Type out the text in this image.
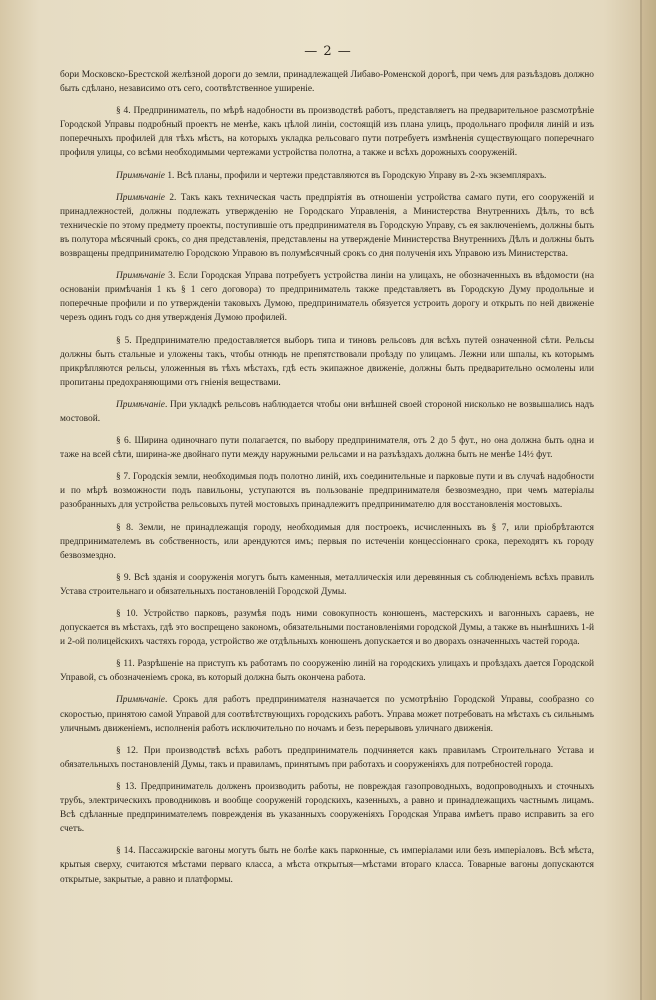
— 2 —

бори Московско-Брестской желѣзной дороги до земли, принадлежащей Либаво-Роменской дорогѣ, при чемъ для разъѣздовъ должно быть сдѣлано, независимо отъ сего, соотвѣтственное уширеніе.

§ 4. Предприниматель, по мѣрѣ надобности въ производствѣ работъ, представляетъ на предварительное разсмотрѣніе Городской Управы подробный проектъ не менѣе, какъ цѣлой линіи, состоящій изъ плана улицъ, продольнаго профиля линій и изъ поперечныхъ профилей для тѣхъ мѣстъ, на которыхъ укладка рельсоваго пути потребуетъ измѣненія существующаго поперечнаго профиля улицы, со всѣми необходимыми чертежами устройства полотна, а также и всѣхъ дорожныхъ сооруженій.

Примѣчаніе 1. Всѣ планы, профили и чертежи представляются въ Городскую Управу въ 2-хъ экземплярахъ.

Примѣчаніе 2. Такъ какъ техническая часть предпріятія въ отношеніи устройства самаго пути, его сооруженій и принадлежностей, должны подлежать утвержденію не Городскаго Управленія, а Министерства Внутреннихъ Дѣлъ, то всѣ техническіе по этому предмету проекты, поступившіе отъ предпринимателя въ Городскую Управу, съ ея заключеніемъ, должны быть въ полутора мѣсячный срокъ, со дня представленія, представлены на утвержденіе Министерства Внутреннихъ Дѣлъ и должны быть возвращены предпринимателю Городскою Управою въ полумѣсячный срокъ со дня полученія ихъ Управою изъ Министерства.

Примѣчаніе 3. Если Городская Управа потребуетъ устройства линіи на улицахъ, не обозначенныхъ въ вѣдомости (на основаніи примѣчанія 1 къ § 1 сего договора) то предприниматель также представляетъ въ Городскую Думу продольные и поперечные профили и по утвержденіи таковыхъ Думою, предприниматель обязуется устроить дорогу и открыть по ней движеніе черезъ одинъ годъ со дня утвержденія Думою профилей.

§ 5. Предпринимателю предоставляется выборъ типа и тиновъ рельсовъ для всѣхъ путей означенной сѣти. Рельсы должны быть стальные и уложены такъ, чтобы отнюдь не препятствовали проѣзду по улицамъ. Лежни или шпалы, къ которымъ прикрѣпляются рельсы, уложенныя въ тѣхъ мѣстахъ, гдѣ есть экипажное движеніе, должны быть предварительно осмолены или пропитаны предохраняющими отъ гніенія веществами.

Примѣчаніе. При укладкѣ рельсовъ наблюдается чтобы они внѣшней своей стороной нисколько не возвышались надъ мостовой.

§ 6. Ширина одиночнаго пути полагается, по выбору предпринимателя, отъ 2 до 5 фут., но она должна быть одна и таже на всей сѣти, ширина-же двойнаго пути между наружными рельсами и на разъѣздахъ должна быть не менѣе 14½ фут.

§ 7. Городскія земли, необходимыя подъ полотно линій, ихъ соединительные и парковые пути и въ случаѣ надобности и по мѣрѣ возможности подъ павильоны, уступаются въ пользованіе предпринимателя безвозмездно, при чемъ матеріалы разобранныхъ для устройства рельсовыхъ путей мостовыхъ принадлежитъ предпринимателю для восстановленія мостовыхъ.

§ 8. Земли, не принадлежащія городу, необходимыя для построекъ, исчисленныхъ въ § 7, или пріобрѣтаются предпринимателемъ въ собственность, или арендуются имъ; первыя по истеченіи концессіоннаго срока, переходятъ къ городу безвозмездно.

§ 9. Всѣ зданія и сооруженія могутъ быть каменныя, металлическія или деревянныя съ соблюденіемъ всѣхъ правилъ Устава строительнаго и обязательныхъ постановленій Городской Думы.

§ 10. Устройство парковъ, разумѣя подъ ними совокупность конюшенъ, мастерскихъ и вагонныхъ сараевъ, не допускается въ мѣстахъ, гдѣ это воспрещено закономъ, обязательными постановленіями городской Думы, а также въ нынѣшнихъ 1-й и 2-ой полицейскихъ частяхъ города, устройство же отдѣльныхъ конюшенъ допускается и во дворахъ означенныхъ частей города.

§ 11. Разрѣшеніе на приступъ къ работамъ по сооруженію линій на городскихъ улицахъ и проѣздахъ дается Городской Управой, съ обозначеніемъ срока, въ который должна быть окончена работа.

Примѣчаніе. Срокъ для работъ предпринимателя назначается по усмотрѣнію Городской Управы, сообразно со скоростью, принятою самой Управой для соотвѣтствующихъ городскихъ работъ. Управа может потребовать на мѣстахъ съ сильнымъ уличнымъ движеніемъ, исполненія работъ исключительно по ночамъ и безъ перерывовъ уличнаго движенія.

§ 12. При производствѣ всѣхъ работъ предприниматель подчиняется какъ правиламъ Строительнаго Устава и обязательныхъ постановленій Думы, такъ и правиламъ, принятымъ при работахъ и сооруженіяхъ для потребностей города.

§ 13. Предприниматель долженъ производить работы, не повреждая газопроводныхъ, водопроводныхъ и сточныхъ трубъ, электрическихъ проводниковъ и вообще сооруженій городскихъ, казенныхъ, а равно и принадлежащихъ частнымъ лицамъ. Всѣ сдѣланные предпринимателемъ поврежденія въ указанныхъ сооруженіяхъ Городская Управа имѣетъ право исправить за его счетъ.

§ 14. Пассажирскіе вагоны могутъ быть не болѣе какъ парконные, съ имперіалами или безъ имперіаловъ. Всѣ мѣста, крытыя сверху, считаются мѣстами перваго класса, а мѣста открытыя—мѣстами втораго класса. Товарные вагоны допускаются открытые, закрытые, а равно и платформы.
